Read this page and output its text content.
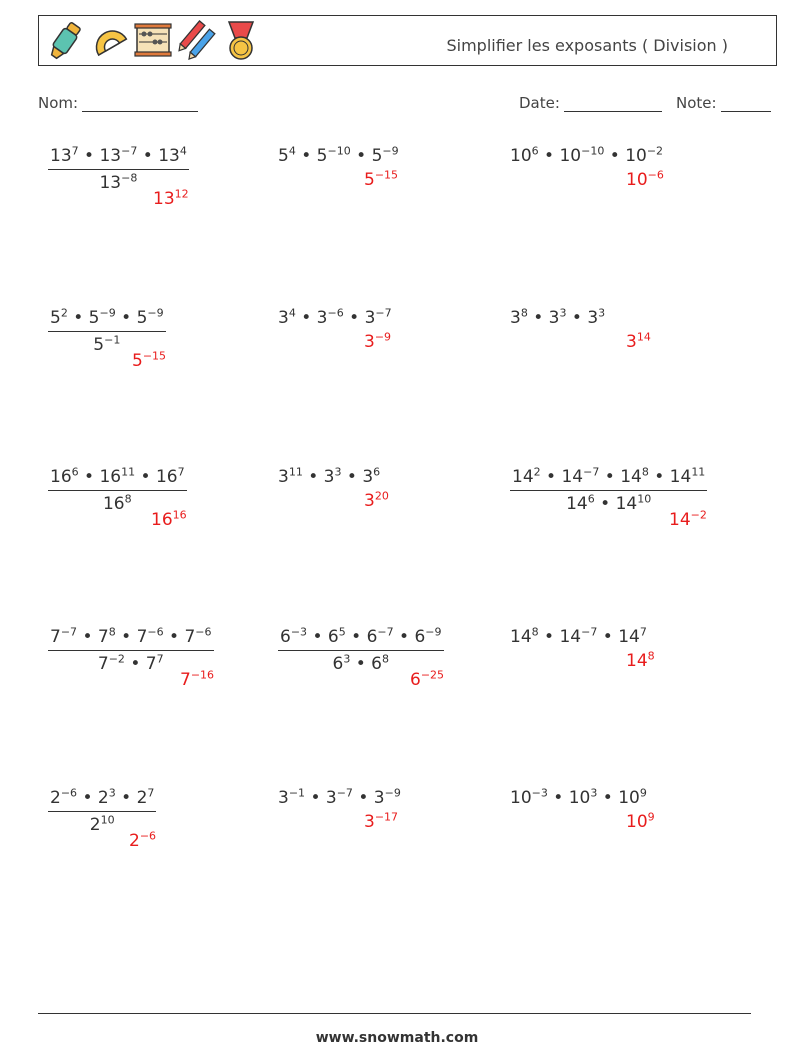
Simplifier les exposants ( Division )
Nom:	Date:	Note:
$\frac{13^7 • 13^{-7} • 13^4}{13^{-8}}$
$13^{12}$
$5^4$ • $5^{-10}$ • $5^{-9}$
$5^{-15}$
$10^6$ • $10^{-10}$ • $10^{-2}$
$10^{-6}$
$\frac{5^2 • 5^{-9} • 5^{-9}}{5^{-1}}$
$5^{-15}$
$3^4$ • $3^{-6}$ • $3^{-7}$
$3^{-9}$
$3^8$ • $3^3$ • $3^3$
$3^{14}$
$\frac{16^6 • 16^{11} • 16^7}{16^8}$
$16^{16}$
$3^{11}$ • $3^3$ • $3^6$
$3^{20}$	$\frac{14^2 • 14^{-7} • 14^8 • 14^{11}}{14^6 • 14^{10}}$
$14^{-2}$
$\frac{7^{-7} • 7^8 • 7^{-6} • 7^{-6}}{7^{-2} • 7^7}$
$7^{-16}$
$\frac{6^{-3} • 6^5 • 6^{-7} • 6^{-9}}{6^3 • 6^8}$
$6^{-25}$
$14^8$ • $14^{-7}$ • $14^7$
$14^8$
$\frac{2^{-6} • 2^3 • 2^7}{2^{10}}$
$2^{-6}$
$3^{-1}$ • $3^{-7}$ • $3^{-9}$
$3^{-17}$
$10^{-3}$ • $10^3$ • $10^9$
$10^9$
www.snowmath.com
